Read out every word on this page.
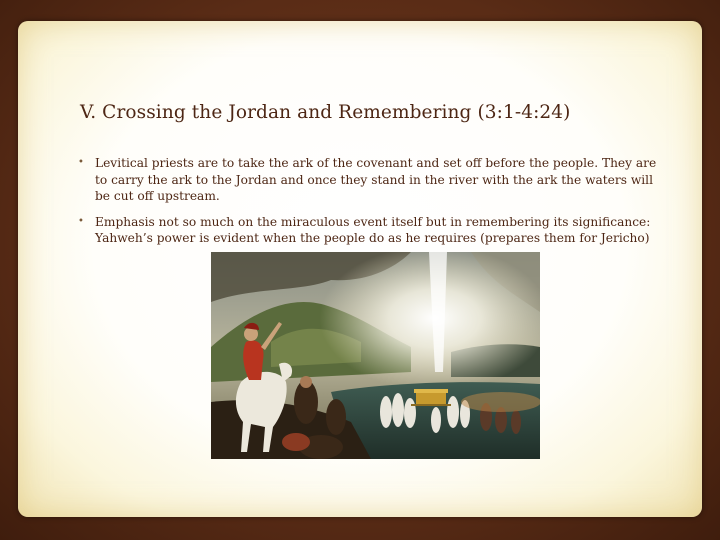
V. Crossing the Jordan and Remembering (3:1-4:24)
• Levitical priests are to take the ark of the covenant and set off before the people. They are to carry the ark to the Jordan and once they stand in the river with the ark the waters will be cut off upstream.
• Emphasis not so much on the miraculous event itself but in remembering its significance: Yahweh’s power is evident when the people do as he requires (prepares them for Jericho)
